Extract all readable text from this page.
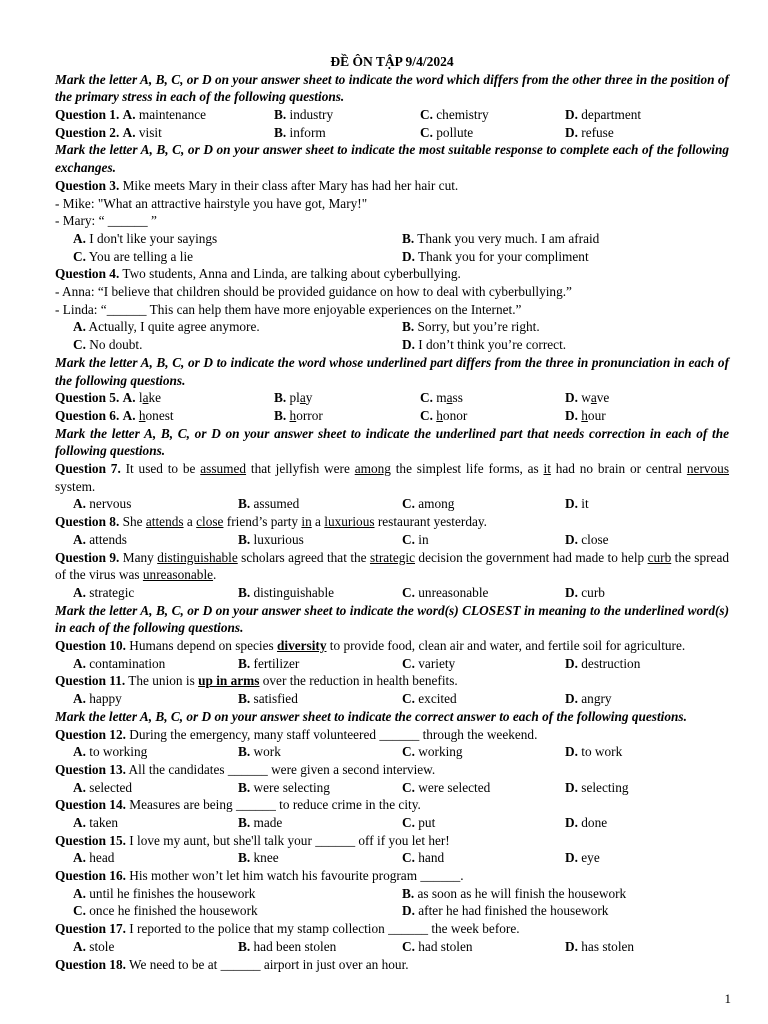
ĐỀ ÔN TẬP 9/4/2024
Mark the letter A, B, C, or D on your answer sheet to indicate the word which differs from the other three in the position of the primary stress in each of the following questions.
Question 1. A. maintenance	B. industry	C. chemistry	D. department
Question 2. A. visit	B. inform	C. pollute	D. refuse
Mark the letter A, B, C, or D on your answer sheet to indicate the most suitable response to complete each of the following exchanges.
Question 3. Mike meets Mary in their class after Mary has had her hair cut.
- Mike: "What an attractive hairstyle you have got, Mary!"
- Mary: “ ______ ”
A. I don't like your sayings	B. Thank you very much. I am afraid
C. You are telling a lie	D. Thank you for your compliment
Question 4. Two students, Anna and Linda, are talking about cyberbullying.
- Anna: “I believe that children should be provided guidance on how to deal with cyberbullying.”
- Linda: “______ This can help them have more enjoyable experiences on the Internet.”
A. Actually, I quite agree anymore.	B. Sorry, but you’re right.
C. No doubt.	D. I don’t think you’re correct.
Mark the letter A, B, C, or D to indicate the word whose underlined part differs from the three in pronunciation in each of the following questions.
Question 5. A. lake	B. play	C. mass	D. wave
Question 6. A. honest	B. horror	C. honor	D. hour
Mark the letter A, B, C, or D on your answer sheet to indicate the underlined part that needs correction in each of the following questions.
Question 7. It used to be assumed that jellyfish were among the simplest life forms, as it had no brain or central nervous system.
A. nervous	B. assumed	C. among	D. it
Question 8. She attends a close friend’s party in a luxurious restaurant yesterday.
A. attends	B. luxurious	C. in	D. close
Question 9. Many distinguishable scholars agreed that the strategic decision the government had made to help curb the spread of the virus was unreasonable.
A. strategic	B. distinguishable	C. unreasonable	D. curb
Mark the letter A, B, C, or D on your answer sheet to indicate the word(s) CLOSEST in meaning to the underlined word(s) in each of the following questions.
Question 10. Humans depend on species diversity to provide food, clean air and water, and fertile soil for agriculture.
A. contamination	B. fertilizer	C. variety	D. destruction
Question 11. The union is up in arms over the reduction in health benefits.
A. happy	B. satisfied	C. excited	D. angry
Mark the letter A, B, C, or D on your answer sheet to indicate the correct answer to each of the following questions.
Question 12. During the emergency, many staff volunteered ______ through the weekend.
A. to working	B. work	C. working	D. to work
Question 13. All the candidates ______ were given a second interview.
A. selected	B. were selecting	C. were selected	D. selecting
Question 14. Measures are being ______ to reduce crime in the city.
A. taken	B. made	C. put	D. done
Question 15. I love my aunt, but she'll talk your ______ off if you let her!
A. head	B. knee	C. hand	D. eye
Question 16. His mother won’t let him watch his favourite program ______.
A. until he finishes the housework	B. as soon as he will finish the housework
C. once he finished the housework	D. after he had finished the housework
Question 17. I reported to the police that my stamp collection ______ the week before.
A. stole	B. had been stolen	C. had stolen	D. has stolen
Question 18. We need to be at ______ airport in just over an hour.
1
